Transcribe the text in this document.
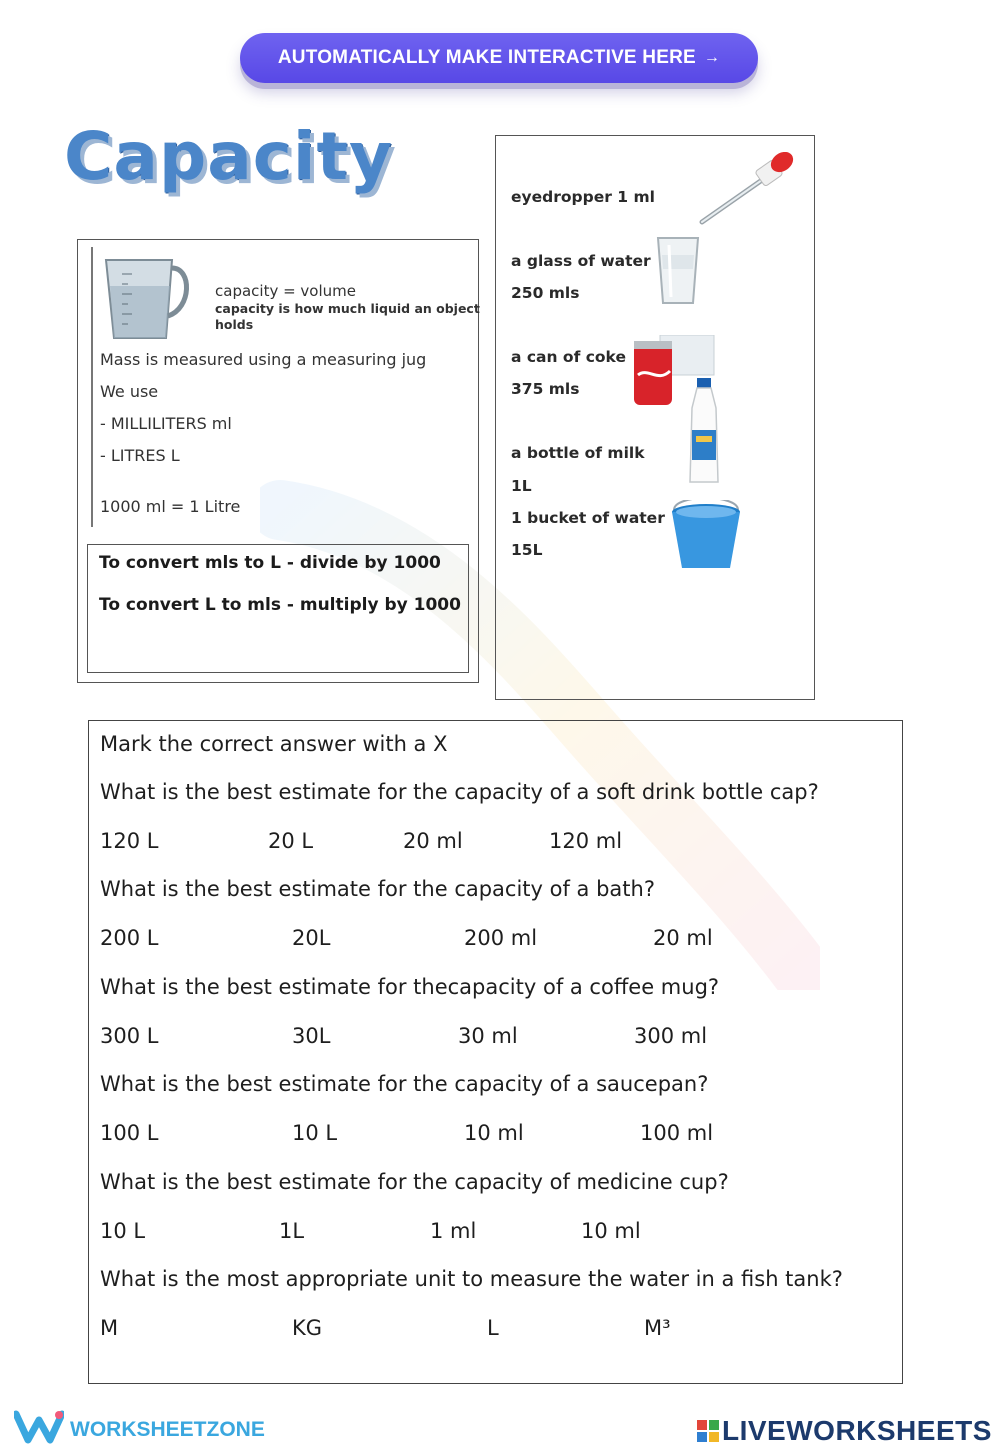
AUTOMATICALLY MAKE INTERACTIVE HERE →
Capacity
capacity = volume
capacity is how much liquid an object
holds
Mass is measured using a measuring jug
We use
- MILLILITERS ml
- LITRES L
1000 ml = 1 Litre
To convert mls to L - divide by 1000
To convert L to mls - multiply by 1000
eyedropper 1 ml
a glass of water
250 mls
a can of coke
375 mls
a bottle of milk
1L
1 bucket of water
15L
Mark the correct answer with a X
What is the best estimate for the capacity of a soft drink bottle cap?
120 L	20 L	20 ml	120 ml
What is the best estimate for the capacity of a bath?
200 L	20L	200 ml	20 ml
What is the best estimate for thecapacity of a coffee mug?
300 L	30L	30 ml	300 ml
What is the best estimate for the capacity of a saucepan?
100 L	10 L	10 ml	100 ml
What is the best estimate for the capacity of medicine cup?
10 L	1L	1 ml	10 ml
What is the most appropriate unit to measure the water in a fish tank?
M	KG	L	M³
WORKSHEETZONE	LIVEWORKSHEETS
